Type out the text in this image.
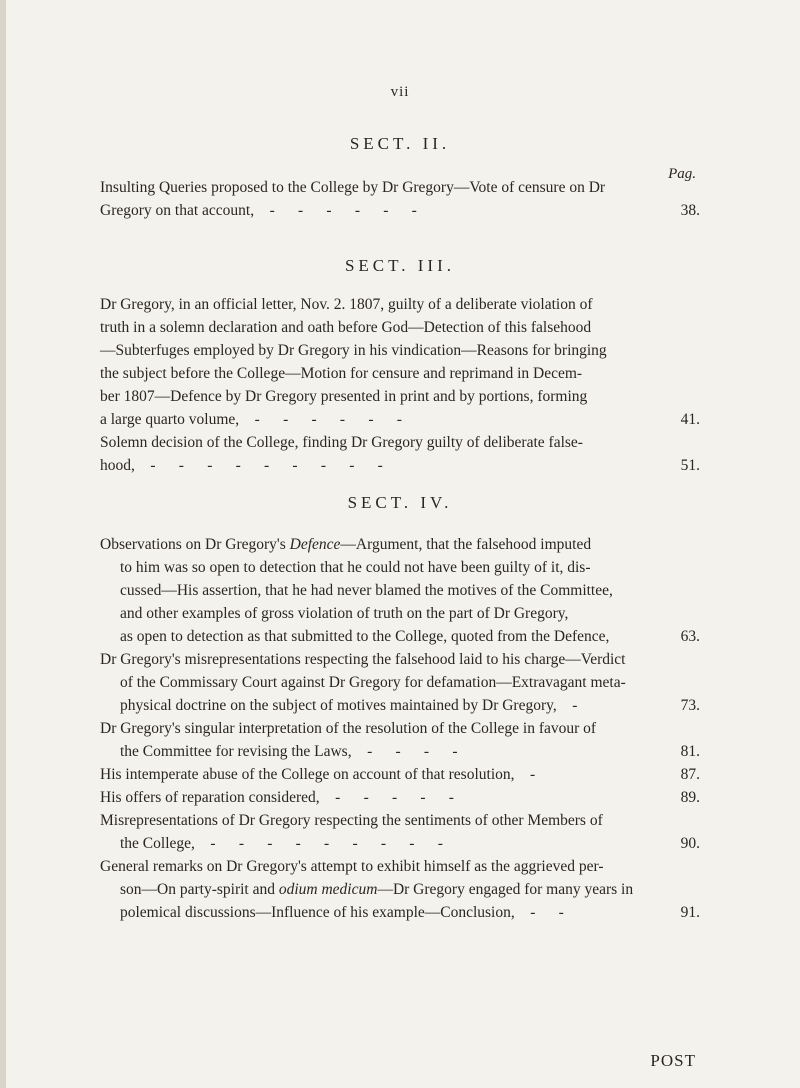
vii
SECT. II.
Pag.
Insulting Queries proposed to the College by Dr Gregory—Vote of censure on Dr
Gregory on that account, -  -  -  -  -  -	38.
SECT. III.
Dr Gregory, in an official letter, Nov. 2. 1807, guilty of a deliberate violation of
truth in a solemn declaration and oath before God—Detection of this falsehood
—Subterfuges employed by Dr Gregory in his vindication—Reasons for bringing
the subject before the College—Motion for censure and reprimand in Decem-
ber 1807—Defence by Dr Gregory presented in print and by portions, forming
a large quarto volume, -  -  -  -  -  -	41.
Solemn decision of the College, finding Dr Gregory guilty of deliberate false-
hood, -  -  -  -  -  -  -  -  -	51.
SECT. IV.
Observations on Dr Gregory's Defence—Argument, that the falsehood imputed
to him was so open to detection that he could not have been guilty of it, dis-
cussed—His assertion, that he had never blamed the motives of the Committee,
and other examples of gross violation of truth on the part of Dr Gregory,
as open to detection as that submitted to the College, quoted from the Defence,	63.
Dr Gregory's misrepresentations respecting the falsehood laid to his charge—Verdict
of the Commissary Court against Dr Gregory for defamation—Extravagant meta-
physical doctrine on the subject of motives maintained by Dr Gregory, -	73.
Dr Gregory's singular interpretation of the resolution of the College in favour of
the Committee for revising the Laws, -  -  -  -	81.
His intemperate abuse of the College on account of that resolution, -	87.
His offers of reparation considered, -  -  -  -  -	89.
Misrepresentations of Dr Gregory respecting the sentiments of other Members of
the College, -  -  -  -  -  -  -  -  -	90.
General remarks on Dr Gregory's attempt to exhibit himself as the aggrieved per-
son—On party-spirit and odium medicum—Dr Gregory engaged for many years in
polemical discussions—Influence of his example—Conclusion, -  -	91.
POST
